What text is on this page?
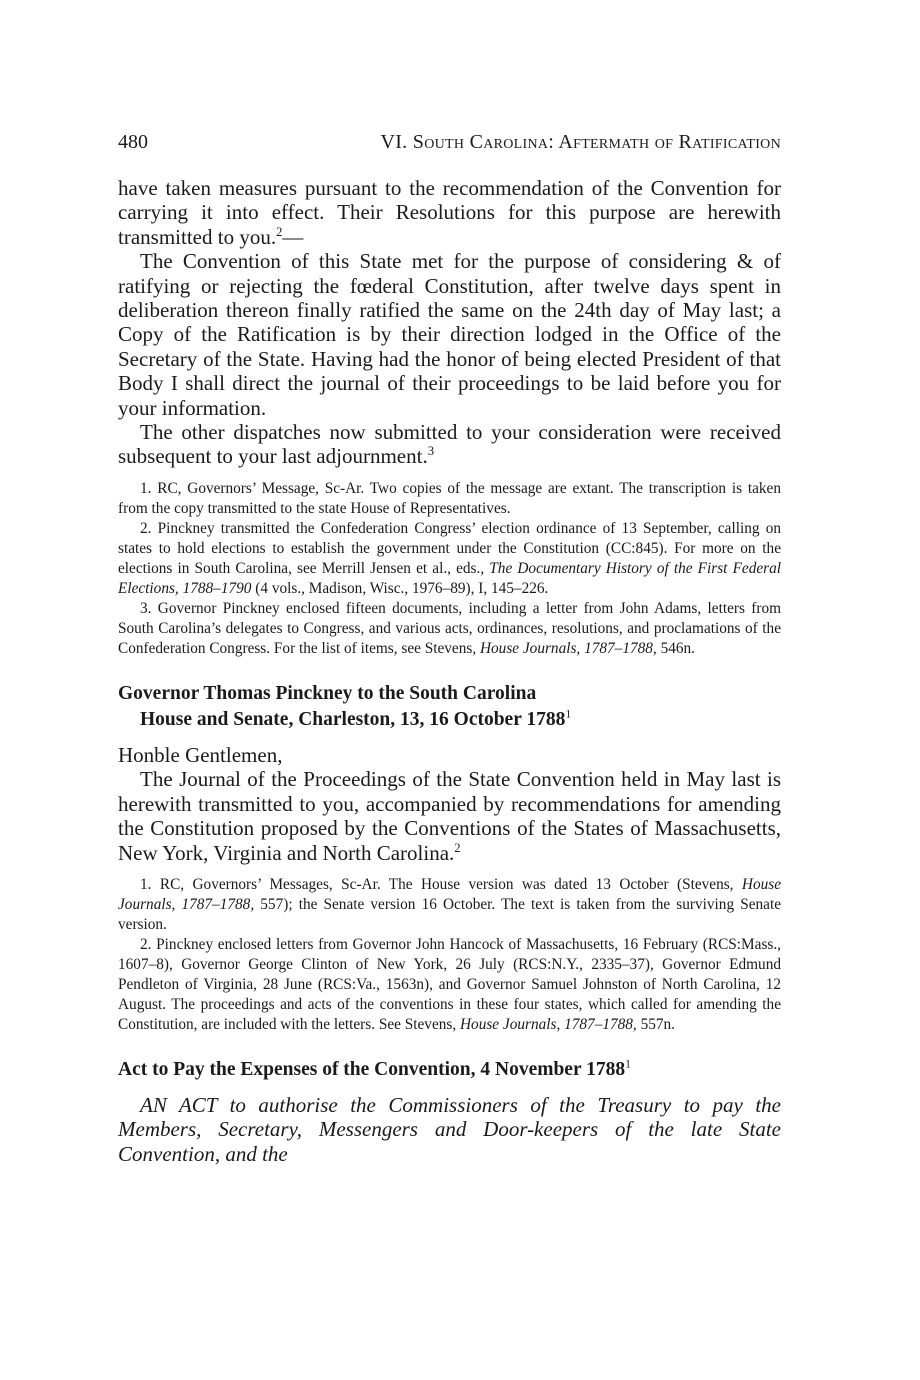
480	VI. South Carolina: Aftermath of Ratification

have taken measures pursuant to the recommendation of the Convention for carrying it into effect. Their Resolutions for this purpose are herewith transmitted to you.$^2$—

The Convention of this State met for the purpose of considering & of ratifying or rejecting the fœderal Constitution, after twelve days spent in deliberation thereon finally ratified the same on the 24th day of May last; a Copy of the Ratification is by their direction lodged in the Office of the Secretary of the State. Having had the honor of being elected President of that Body I shall direct the journal of their proceedings to be laid before you for your information.

The other dispatches now submitted to your consideration were received subsequent to your last adjournment.$^3$

1. RC, Governors’ Message, Sc-Ar. Two copies of the message are extant. The transcription is taken from the copy transmitted to the state House of Representatives.

2. Pinckney transmitted the Confederation Congress’ election ordinance of 13 September, calling on states to hold elections to establish the government under the Constitution (CC:845). For more on the elections in South Carolina, see Merrill Jensen et al., eds., The Documentary History of the First Federal Elections, 1788–1790 (4 vols., Madison, Wisc., 1976–89), I, 145–226.

3. Governor Pinckney enclosed fifteen documents, including a letter from John Adams, letters from South Carolina’s delegates to Congress, and various acts, ordinances, resolutions, and proclamations of the Confederation Congress. For the list of items, see Stevens, House Journals, 1787–1788, 546n.

Governor Thomas Pinckney to the South Carolina
House and Senate, Charleston, 13, 16 October 1788$^1$

Honble Gentlemen,

The Journal of the Proceedings of the State Convention held in May last is herewith transmitted to you, accompanied by recommendations for amending the Constitution proposed by the Conventions of the States of Massachusetts, New York, Virginia and North Carolina.$^2$

1. RC, Governors’ Messages, Sc-Ar. The House version was dated 13 October (Stevens, House Journals, 1787–1788, 557); the Senate version 16 October. The text is taken from the surviving Senate version.

2. Pinckney enclosed letters from Governor John Hancock of Massachusetts, 16 February (RCS:Mass., 1607–8), Governor George Clinton of New York, 26 July (RCS:N.Y., 2335–37), Governor Edmund Pendleton of Virginia, 28 June (RCS:Va., 1563n), and Governor Samuel Johnston of North Carolina, 12 August. The proceedings and acts of the conventions in these four states, which called for amending the Constitution, are included with the letters. See Stevens, House Journals, 1787–1788, 557n.

Act to Pay the Expenses of the Convention, 4 November 1788$^1$

AN ACT to authorise the Commissioners of the Treasury to pay the Members, Secretary, Messengers and Door-keepers of the late State Convention, and the
